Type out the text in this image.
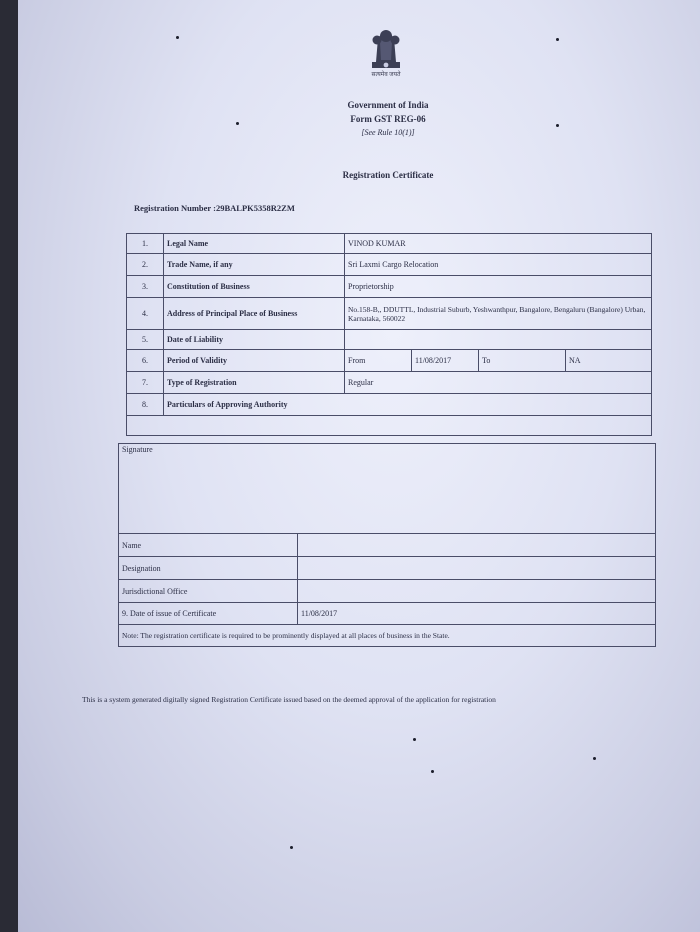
सत्यमेव जयते
Government of India
Form GST REG-06
[See Rule 10(1)]
Registration Certificate
Registration Number :29BALPK5358R2ZM
1.	Legal Name	VINOD KUMAR			
2.	Trade Name, if any	Sri Laxmi Cargo Relocation			
3.	Constitution of Business	Proprietorship			
4.	Address of Principal Place of Business	No.158-B,, DDUTTL, Industrial Suburb, Yeshwanthpur, Bangalore, Bengaluru (Bangalore) Urban, Karnataka, 560022			
5.	Date of Liability				
6.	Period of Validity	From	11/08/2017	To	NA
7.	Type of Registration	Regular			
8.	Particulars of Approving Authority				

Signature	
Name	
Designation	
Jurisdictional Office	
9. Date of issue of Certificate	11/08/2017
Note: The registration certificate is required to be prominently displayed at all places of business in the State.	
This is a system generated digitally signed Registration Certificate issued based on the deemed approval of the application for registration
